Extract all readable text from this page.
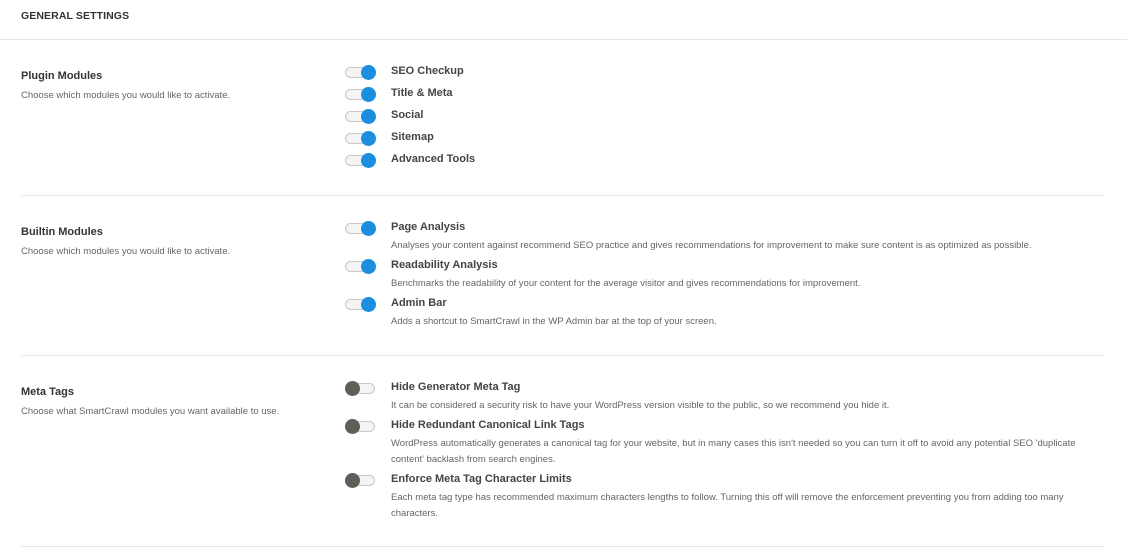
GENERAL SETTINGS
Plugin Modules
Choose which modules you would like to activate.
SEO Checkup
Title & Meta
Social
Sitemap
Advanced Tools
Builtin Modules
Choose which modules you would like to activate.
Page Analysis
Analyses your content against recommend SEO practice and gives recommendations for improvement to make sure content is as optimized as possible.
Readability Analysis
Benchmarks the readability of your content for the average visitor and gives recommendations for improvement.
Admin Bar
Adds a shortcut to SmartCrawl in the WP Admin bar at the top of your screen.
Meta Tags
Choose what SmartCrawl modules you want available to use.
Hide Generator Meta Tag
It can be considered a security risk to have your WordPress version visible to the public, so we recommend you hide it.
Hide Redundant Canonical Link Tags
WordPress automatically generates a canonical tag for your website, but in many cases this isn't needed so you can turn it off to avoid any potential SEO 'duplicate content' backlash from search engines.
Enforce Meta Tag Character Limits
Each meta tag type has recommended maximum characters lengths to follow. Turning this off will remove the enforcement preventing you from adding too many characters.
